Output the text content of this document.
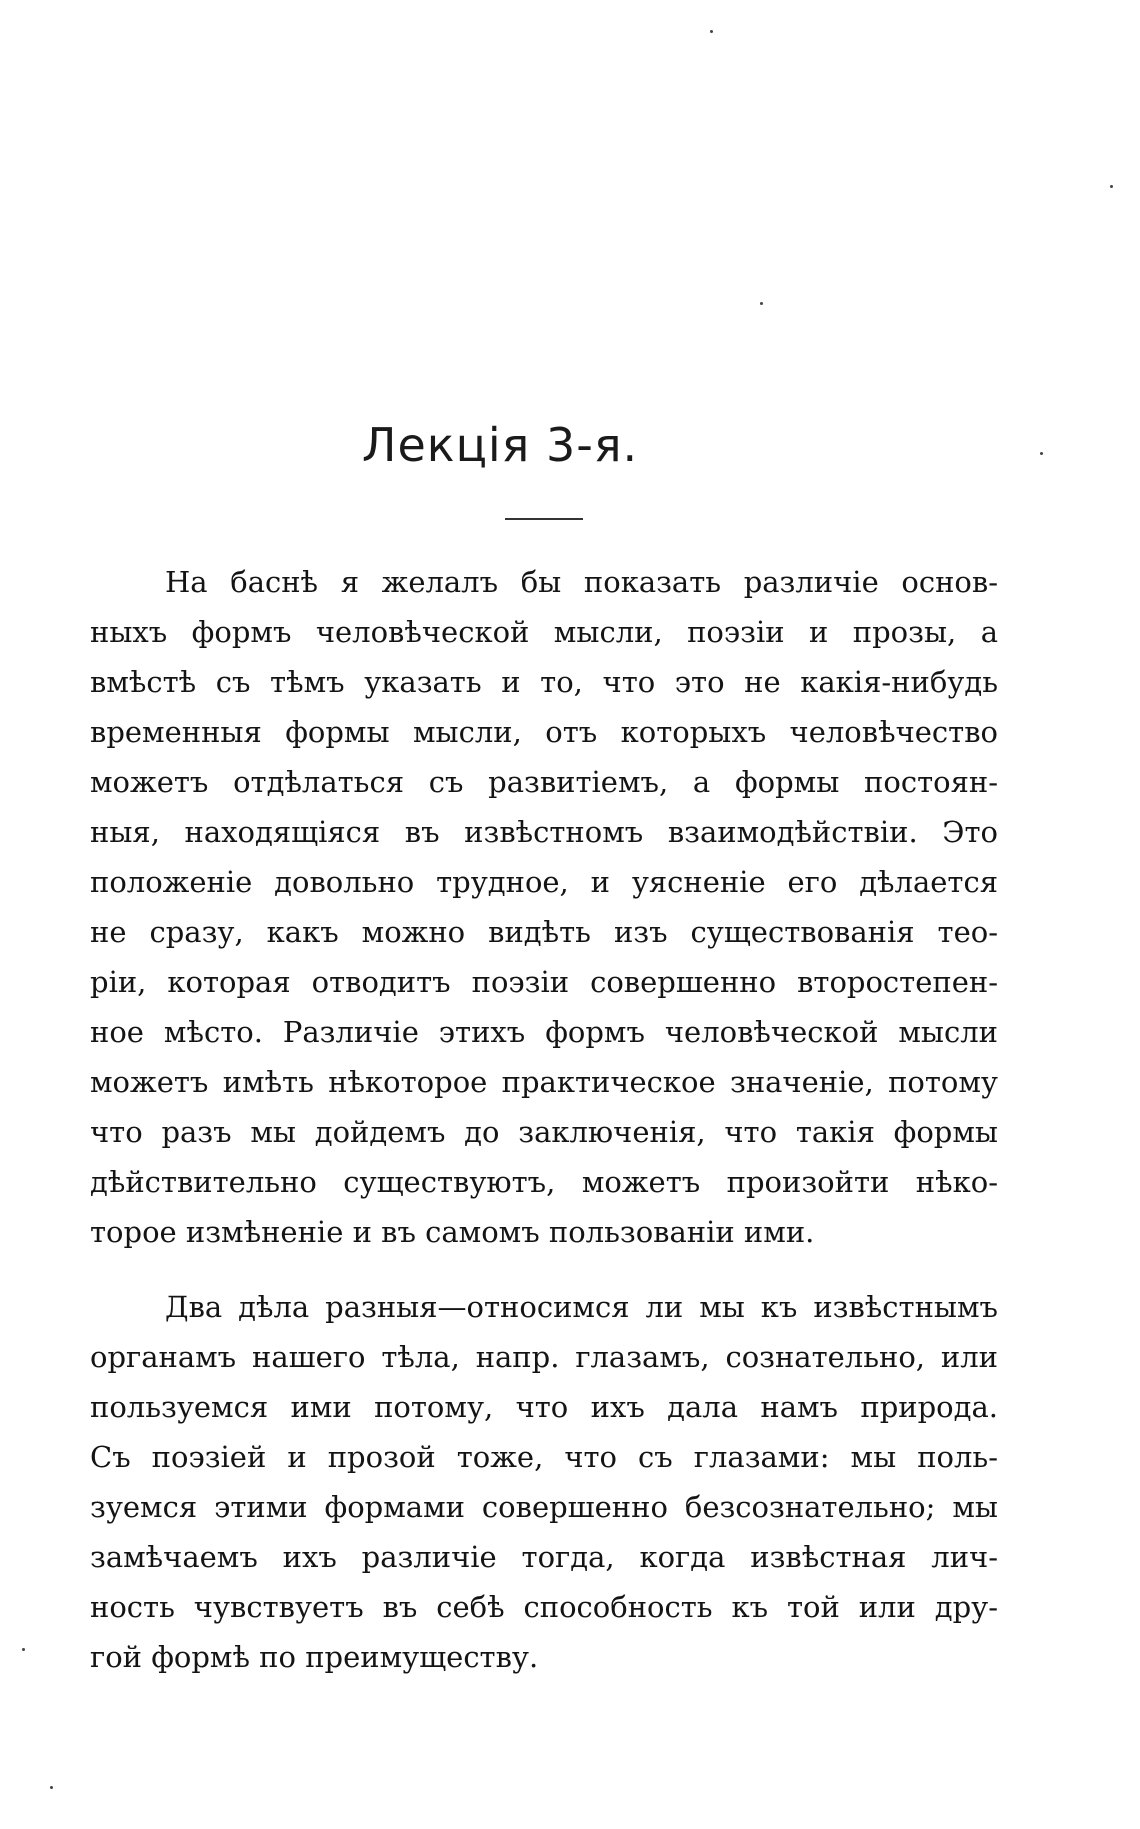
Лекція 3-я.
На баснѣ я желалъ бы показать различіе основ-
ныхъ формъ человѣческой мысли, поэзіи и прозы, а
вмѣстѣ съ тѣмъ указать и то, что это не какія-нибудь
временныя формы мысли, отъ которыхъ человѣчество
можетъ отдѣлаться съ развитіемъ, а формы постоян-
ныя, находящіяся въ извѣстномъ взаимодѣйствіи. Это
положеніе довольно трудное, и уясненіе его дѣлается
не сразу, какъ можно видѣть изъ существованія тео-
ріи, которая отводитъ поэзіи совершенно второстепен-
ное мѣсто. Различіе этихъ формъ человѣческой мысли
можетъ имѣть нѣкоторое практическое значеніе, потому
что разъ мы дойдемъ до заключенія, что такія формы
дѣйствительно существуютъ, можетъ произойти нѣко-
торое измѣненіе и въ самомъ пользованіи ими.
Два дѣла разныя—относимся ли мы къ извѣстнымъ
органамъ нашего тѣла, напр. глазамъ, сознательно, или
пользуемся ими потому, что ихъ дала намъ природа.
Съ поэзіей и прозой тоже, что съ глазами: мы поль-
зуемся этими формами совершенно безсознательно; мы
замѣчаемъ ихъ различіе тогда, когда извѣстная лич-
ность чувствуетъ въ себѣ способность къ той или дру-
гой формѣ по преимуществу.
